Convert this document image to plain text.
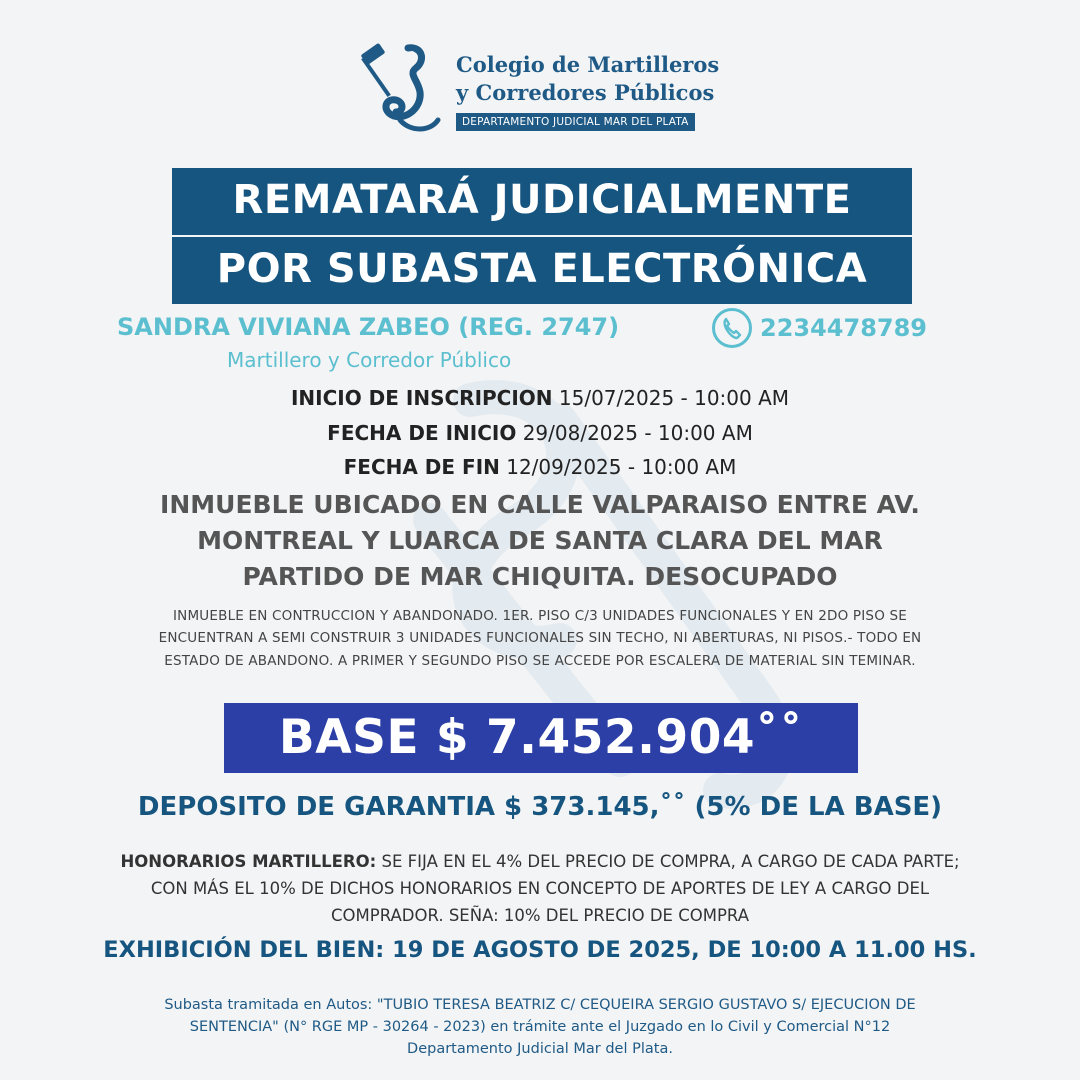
Colegio de Martilleros
y Corredores Públicos
DEPARTAMENTO JUDICIAL MAR DEL PLATA
REMATARÁ JUDICIALMENTE
POR SUBASTA ELECTRÓNICA
SANDRA VIVIANA ZABEO (REG. 2747)	2234478789
Martillero y Corredor Público
INICIO DE INSCRIPCION 15/07/2025 - 10:00 AM
FECHA DE INICIO 29/08/2025 - 10:00 AM
FECHA DE FIN 12/09/2025 - 10:00 AM
INMUEBLE UBICADO EN CALLE VALPARAISO ENTRE AV.
MONTREAL Y LUARCA DE SANTA CLARA DEL MAR
PARTIDO DE MAR CHIQUITA. DESOCUPADO
INMUEBLE EN CONTRUCCION Y ABANDONADO. 1ER. PISO C/3 UNIDADES FUNCIONALES Y EN 2DO PISO SE
ENCUENTRAN A SEMI CONSTRUIR 3 UNIDADES FUNCIONALES SIN TECHO, NI ABERTURAS, NI PISOS.- TODO EN
ESTADO DE ABANDONO. A PRIMER Y SEGUNDO PISO SE ACCEDE POR ESCALERA DE MATERIAL SIN TEMINAR.
BASE $ 7.452.904˚˚
DEPOSITO DE GARANTIA $ 373.145,˚˚ (5% DE LA BASE)
HONORARIOS MARTILLERO: SE FIJA EN EL 4% DEL PRECIO DE COMPRA, A CARGO DE CADA PARTE;
CON MÁS EL 10% DE DICHOS HONORARIOS EN CONCEPTO DE APORTES DE LEY A CARGO DEL
COMPRADOR. SEÑA: 10% DEL PRECIO DE COMPRA
EXHIBICIÓN DEL BIEN: 19 DE AGOSTO DE 2025, DE 10:00 A 11.00 HS.
Subasta tramitada en Autos: "TUBIO TERESA BEATRIZ C/ CEQUEIRA SERGIO GUSTAVO S/ EJECUCION DE
SENTENCIA" (N° RGE MP - 30264 - 2023) en trámite ante el Juzgado en lo Civil y Comercial N°12
Departamento Judicial Mar del Plata.
